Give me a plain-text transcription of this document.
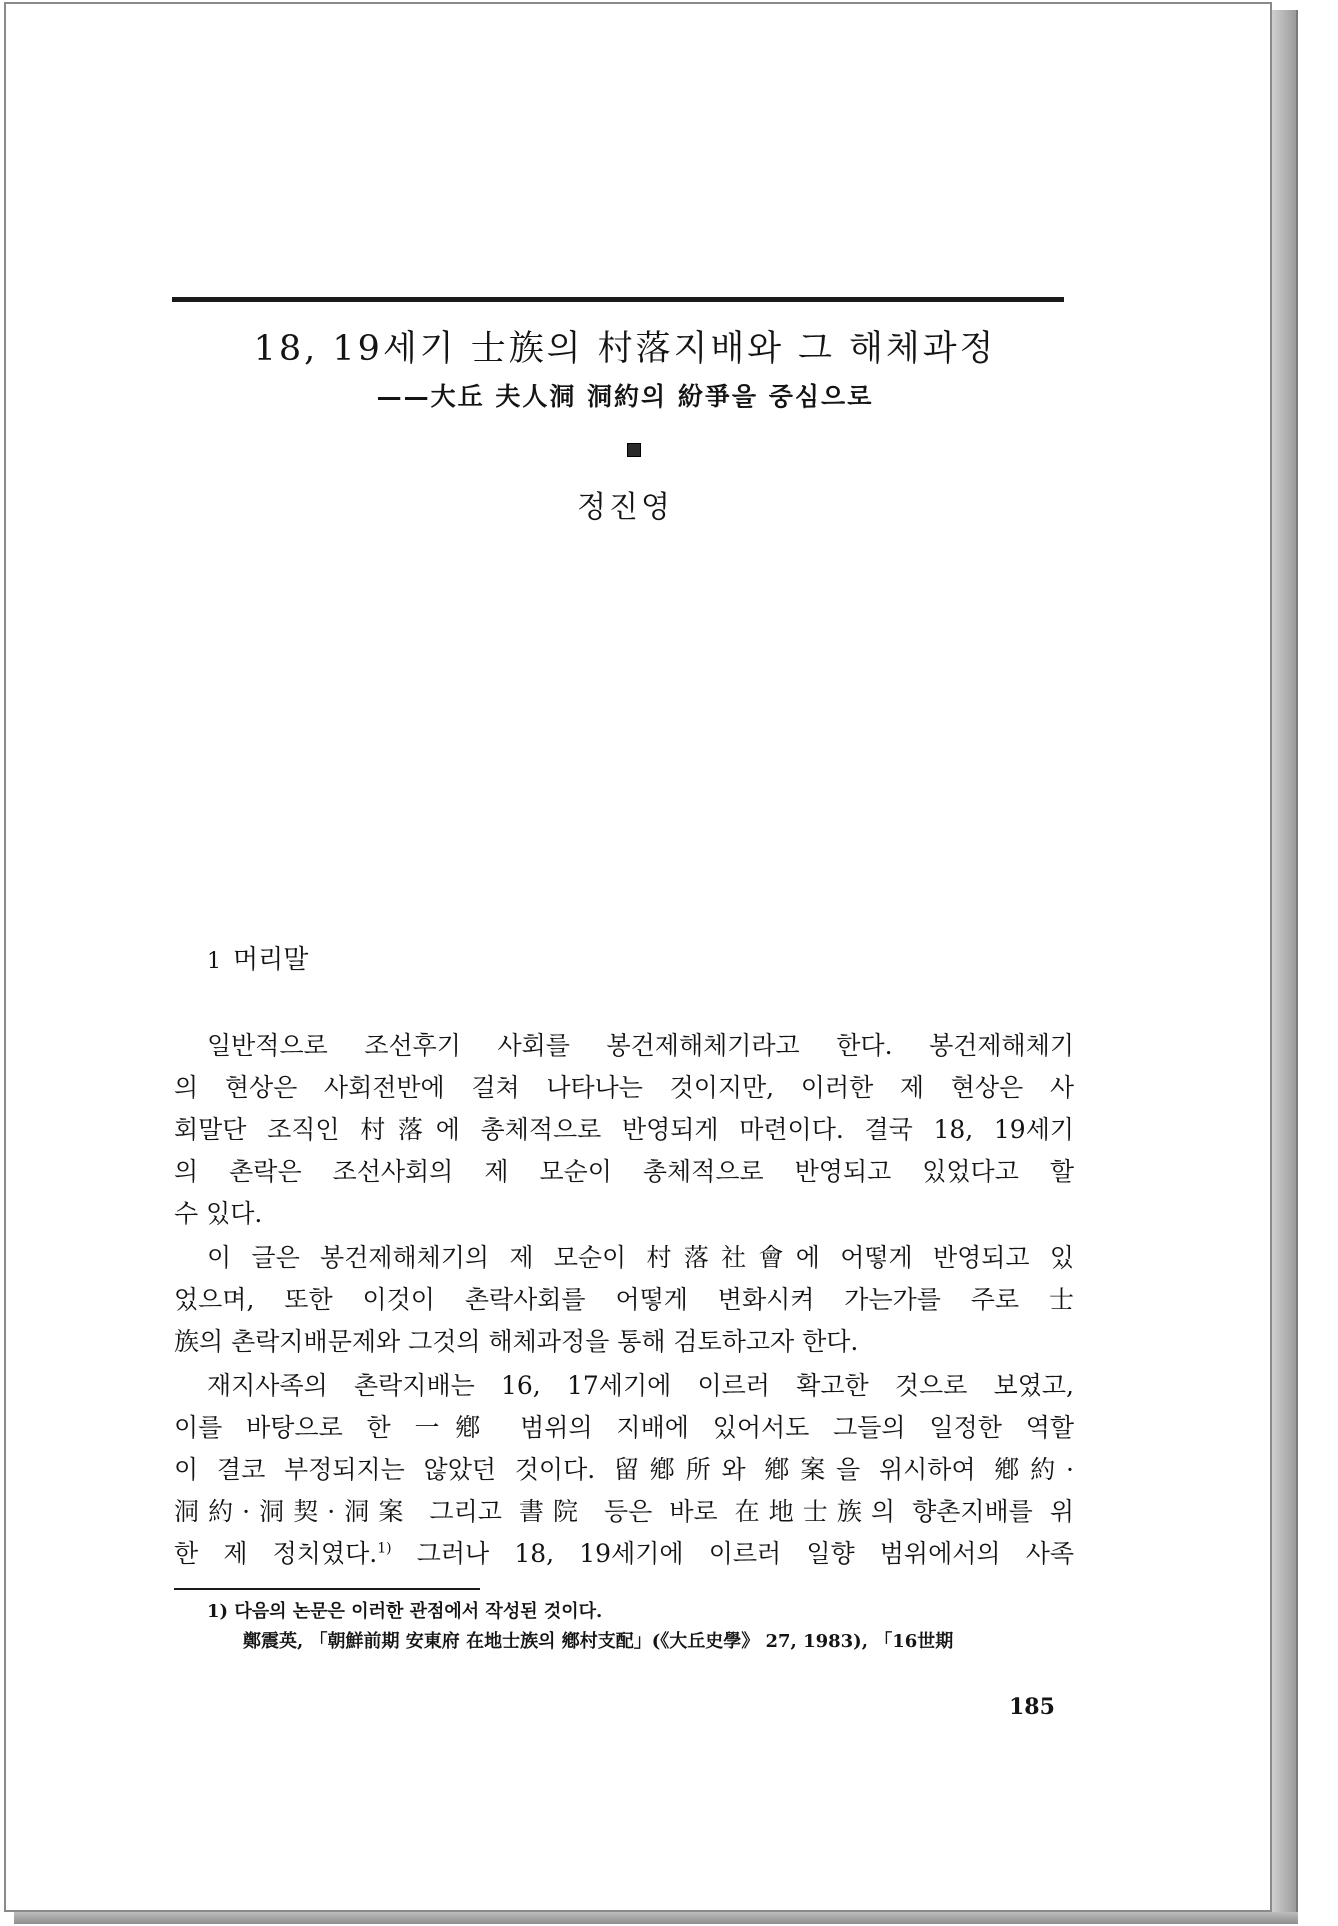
18, 19세기 士族의 村落지배와 그 해체과정
——大丘 夫人洞 洞約의 紛爭을 중심으로
정진영
1 머리말
일반적으로 조선후기 사회를 봉건제해체기라고 한다. 봉건제해체기
의 현상은 사회전반에 걸쳐 나타나는 것이지만, 이러한 제 현상은 사
회말단 조직인 村落에 총체적으로 반영되게 마련이다. 결국 18, 19세기
의 촌락은 조선사회의 제 모순이 총체적으로 반영되고 있었다고 할
수 있다.
이 글은 봉건제해체기의 제 모순이 村落社會에 어떻게 반영되고 있
었으며, 또한 이것이 촌락사회를 어떻게 변화시켜 가는가를 주로 士
族의 촌락지배문제와 그것의 해체과정을 통해 검토하고자 한다.
재지사족의 촌락지배는 16, 17세기에 이르러 확고한 것으로 보였고,
이를 바탕으로 한 一鄕 범위의 지배에 있어서도 그들의 일정한 역할
이 결코 부정되지는 않았던 것이다. 留鄕所와 鄕案을 위시하여 鄕約·
洞約·洞契·洞案 그리고 書院 등은 바로 在地士族의 향촌지배를 위
한 제 정치였다.$^{1)}$ 그러나 18, 19세기에 이르러 일향 범위에서의 사족
1) 다음의 논문은 이러한 관점에서 작성된 것이다.
鄭震英, 「朝鮮前期 安東府 在地士族의 鄕村支配」(《大丘史學》 27, 1983), 「16世期
185
